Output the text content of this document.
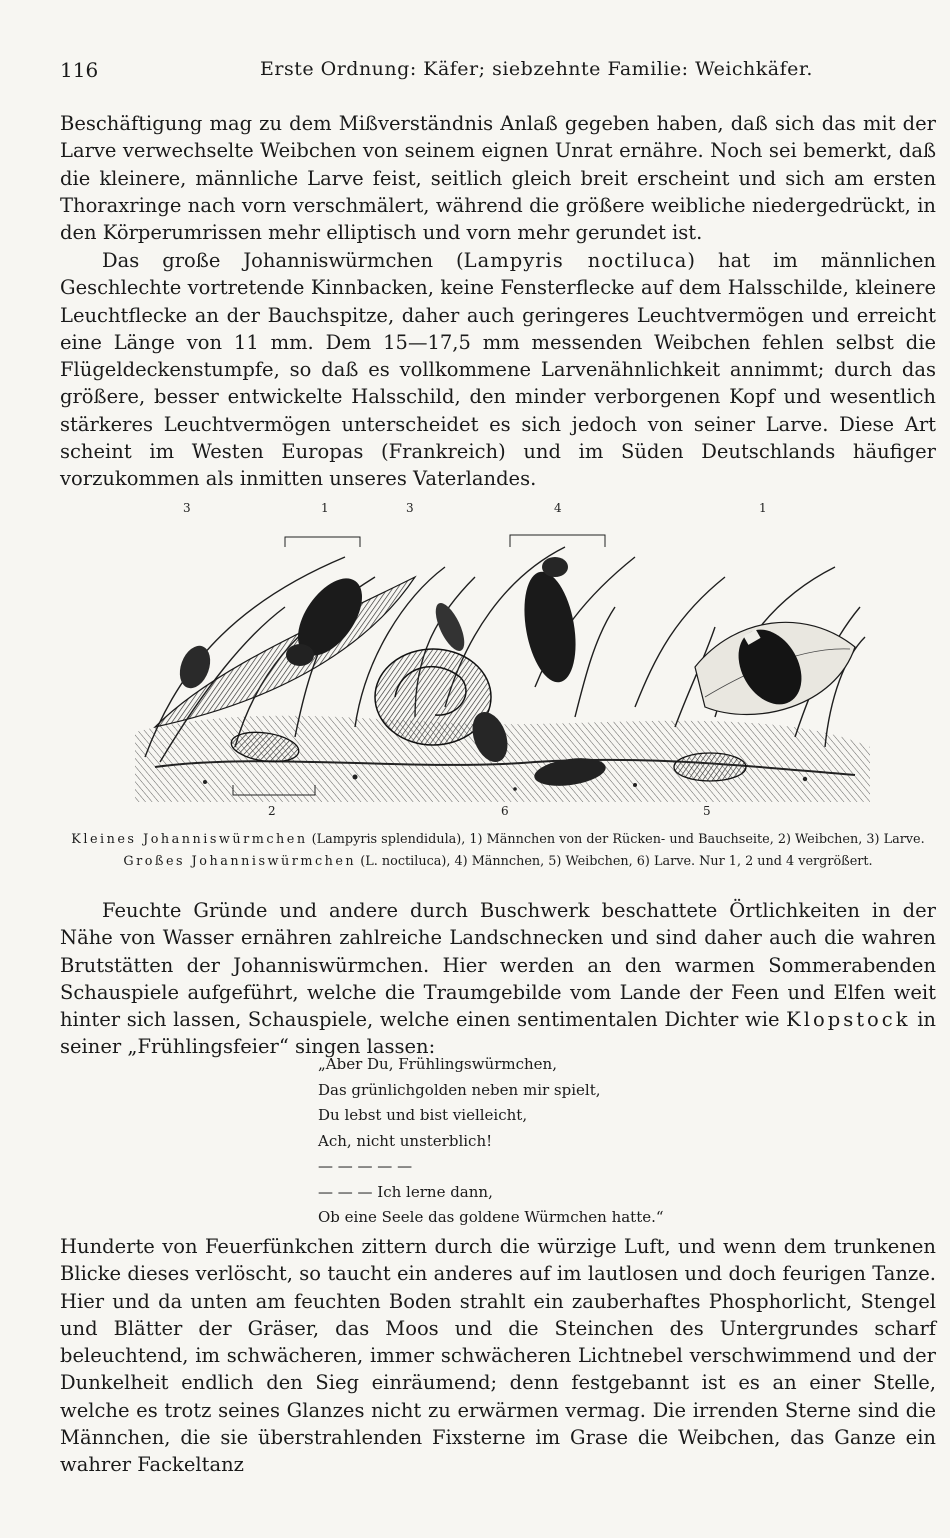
116	Erste Ordnung: Käfer; siebzehnte Familie: Weichkäfer.

Beschäftigung mag zu dem Mißverständnis Anlaß gegeben haben, daß sich das mit der Larve verwechselte Weibchen von seinem eignen Unrat ernähre. Noch sei bemerkt, daß die kleinere, männliche Larve feist, seitlich gleich breit erscheint und sich am ersten Thoraxringe nach vorn verschmälert, während die größere weibliche niedergedrückt, in den Körperumrissen mehr elliptisch und vorn mehr gerundet ist.

Das große Johanniswürmchen (Lampyris noctiluca) hat im männlichen Geschlechte vortretende Kinnbacken, keine Fensterflecke auf dem Halsschilde, kleinere Leuchtflecke an der Bauchspitze, daher auch geringeres Leuchtvermögen und erreicht eine Länge von 11 mm. Dem 15—17,5 mm messenden Weibchen fehlen selbst die Flügeldeckenstumpfe, so daß es vollkommene Larvenähnlichkeit annimmt; durch das größere, besser entwickelte Halsschild, den minder verborgenen Kopf und wesentlich stärkeres Leuchtvermögen unterscheidet es sich jedoch von seiner Larve. Diese Art scheint im Westen Europas (Frankreich) und im Süden Deutschlands häufiger vorzukommen als inmitten unseres Vaterlandes.

3	1	3	4	1
2	6	5

Kleines Johanniswürmchen (Lampyris splendidula), 1) Männchen von der Rücken- und Bauchseite, 2) Weibchen, 3) Larve.
Großes Johanniswürmchen (L. noctiluca), 4) Männchen, 5) Weibchen, 6) Larve. Nur 1, 2 und 4 vergrößert.

Feuchte Gründe und andere durch Buschwerk beschattete Örtlichkeiten in der Nähe von Wasser ernähren zahlreiche Landschnecken und sind daher auch die wahren Brutstätten der Johanniswürmchen. Hier werden an den warmen Sommerabenden Schauspiele aufgeführt, welche die Traumgebilde vom Lande der Feen und Elfen weit hinter sich lassen, Schauspiele, welche einen sentimentalen Dichter wie Klopstock in seiner „Frühlingsfeier“ singen lassen:

„Aber Du, Frühlingswürmchen,
Das grünlichgolden neben mir spielt,
Du lebst und bist vielleicht,
Ach, nicht unsterblich!
— — — — —
— — — Ich lerne dann,
Ob eine Seele das goldene Würmchen hatte.“

Hunderte von Feuerfünkchen zittern durch die würzige Luft, und wenn dem trunkenen Blicke dieses verlöscht, so taucht ein anderes auf im lautlosen und doch feurigen Tanze. Hier und da unten am feuchten Boden strahlt ein zauberhaftes Phosphorlicht, Stengel und Blätter der Gräser, das Moos und die Steinchen des Untergrundes scharf beleuchtend, im schwächeren, immer schwächeren Lichtnebel verschwimmend und der Dunkelheit endlich den Sieg einräumend; denn festgebannt ist es an einer Stelle, welche es trotz seines Glanzes nicht zu erwärmen vermag. Die irrenden Sterne sind die Männchen, die sie überstrahlenden Fixsterne im Grase die Weibchen, das Ganze ein wahrer Fackeltanz
